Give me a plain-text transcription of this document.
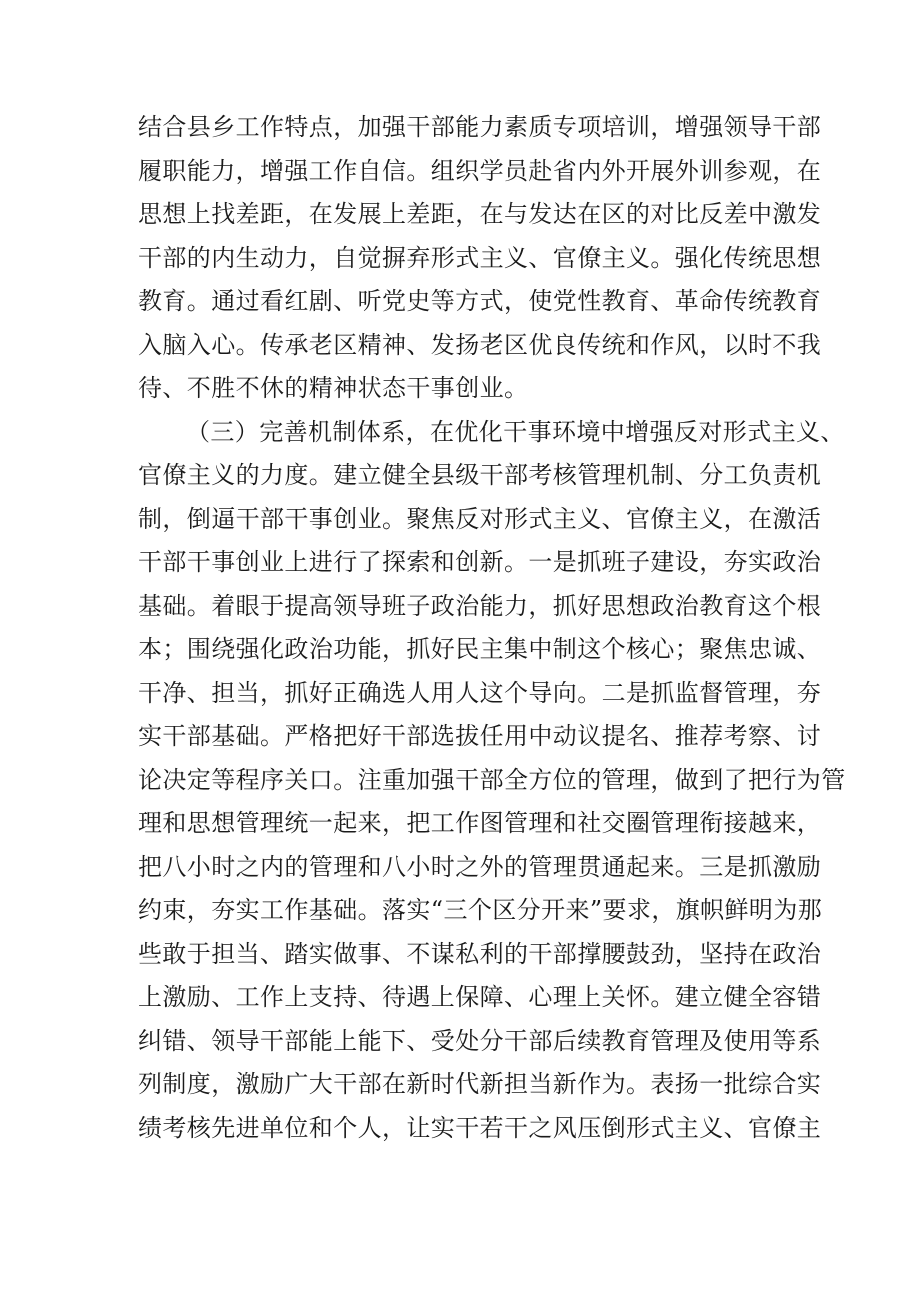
结合县乡工作特点，加强干部能力素质专项培训，增强领导干部
履职能力，增强工作自信。组织学员赴省内外开展外训参观，在
思想上找差距，在发展上差距，在与发达在区的对比反差中激发
干部的内生动力，自觉摒弃形式主义、官僚主义。强化传统思想
教育。通过看红剧、听党史等方式，使党性教育、革命传统教育
入脑入心。传承老区精神、发扬老区优良传统和作风，以时不我
待、不胜不休的精神状态干事创业。
（三）完善机制体系，在优化干事环境中增强反对形式主义、
官僚主义的力度。建立健全县级干部考核管理机制、分工负责机
制，倒逼干部干事创业。聚焦反对形式主义、官僚主义，在激活
干部干事创业上进行了探索和创新。一是抓班子建设，夯实政治
基础。着眼于提高领导班子政治能力，抓好思想政治教育这个根
本；围绕强化政治功能，抓好民主集中制这个核心；聚焦忠诚、
干净、担当，抓好正确选人用人这个导向。二是抓监督管理，夯
实干部基础。严格把好干部选拔任用中动议提名、推荐考察、讨
论决定等程序关口。注重加强干部全方位的管理，做到了把行为管
理和思想管理统一起来，把工作图管理和社交圈管理衔接越来，
把八小时之内的管理和八小时之外的管理贯通起来。三是抓激励
约束，夯实工作基础。落实“三个区分开来”要求，旗帜鲜明为那
些敢于担当、踏实做事、不谋私利的干部撑腰鼓劲，坚持在政治
上激励、工作上支持、待遇上保障、心理上关怀。建立健全容错
纠错、领导干部能上能下、受处分干部后续教育管理及使用等系
列制度，激励广大干部在新时代新担当新作为。表扬一批综合实
绩考核先进单位和个人，让实干若干之风压倒形式主义、官僚主
